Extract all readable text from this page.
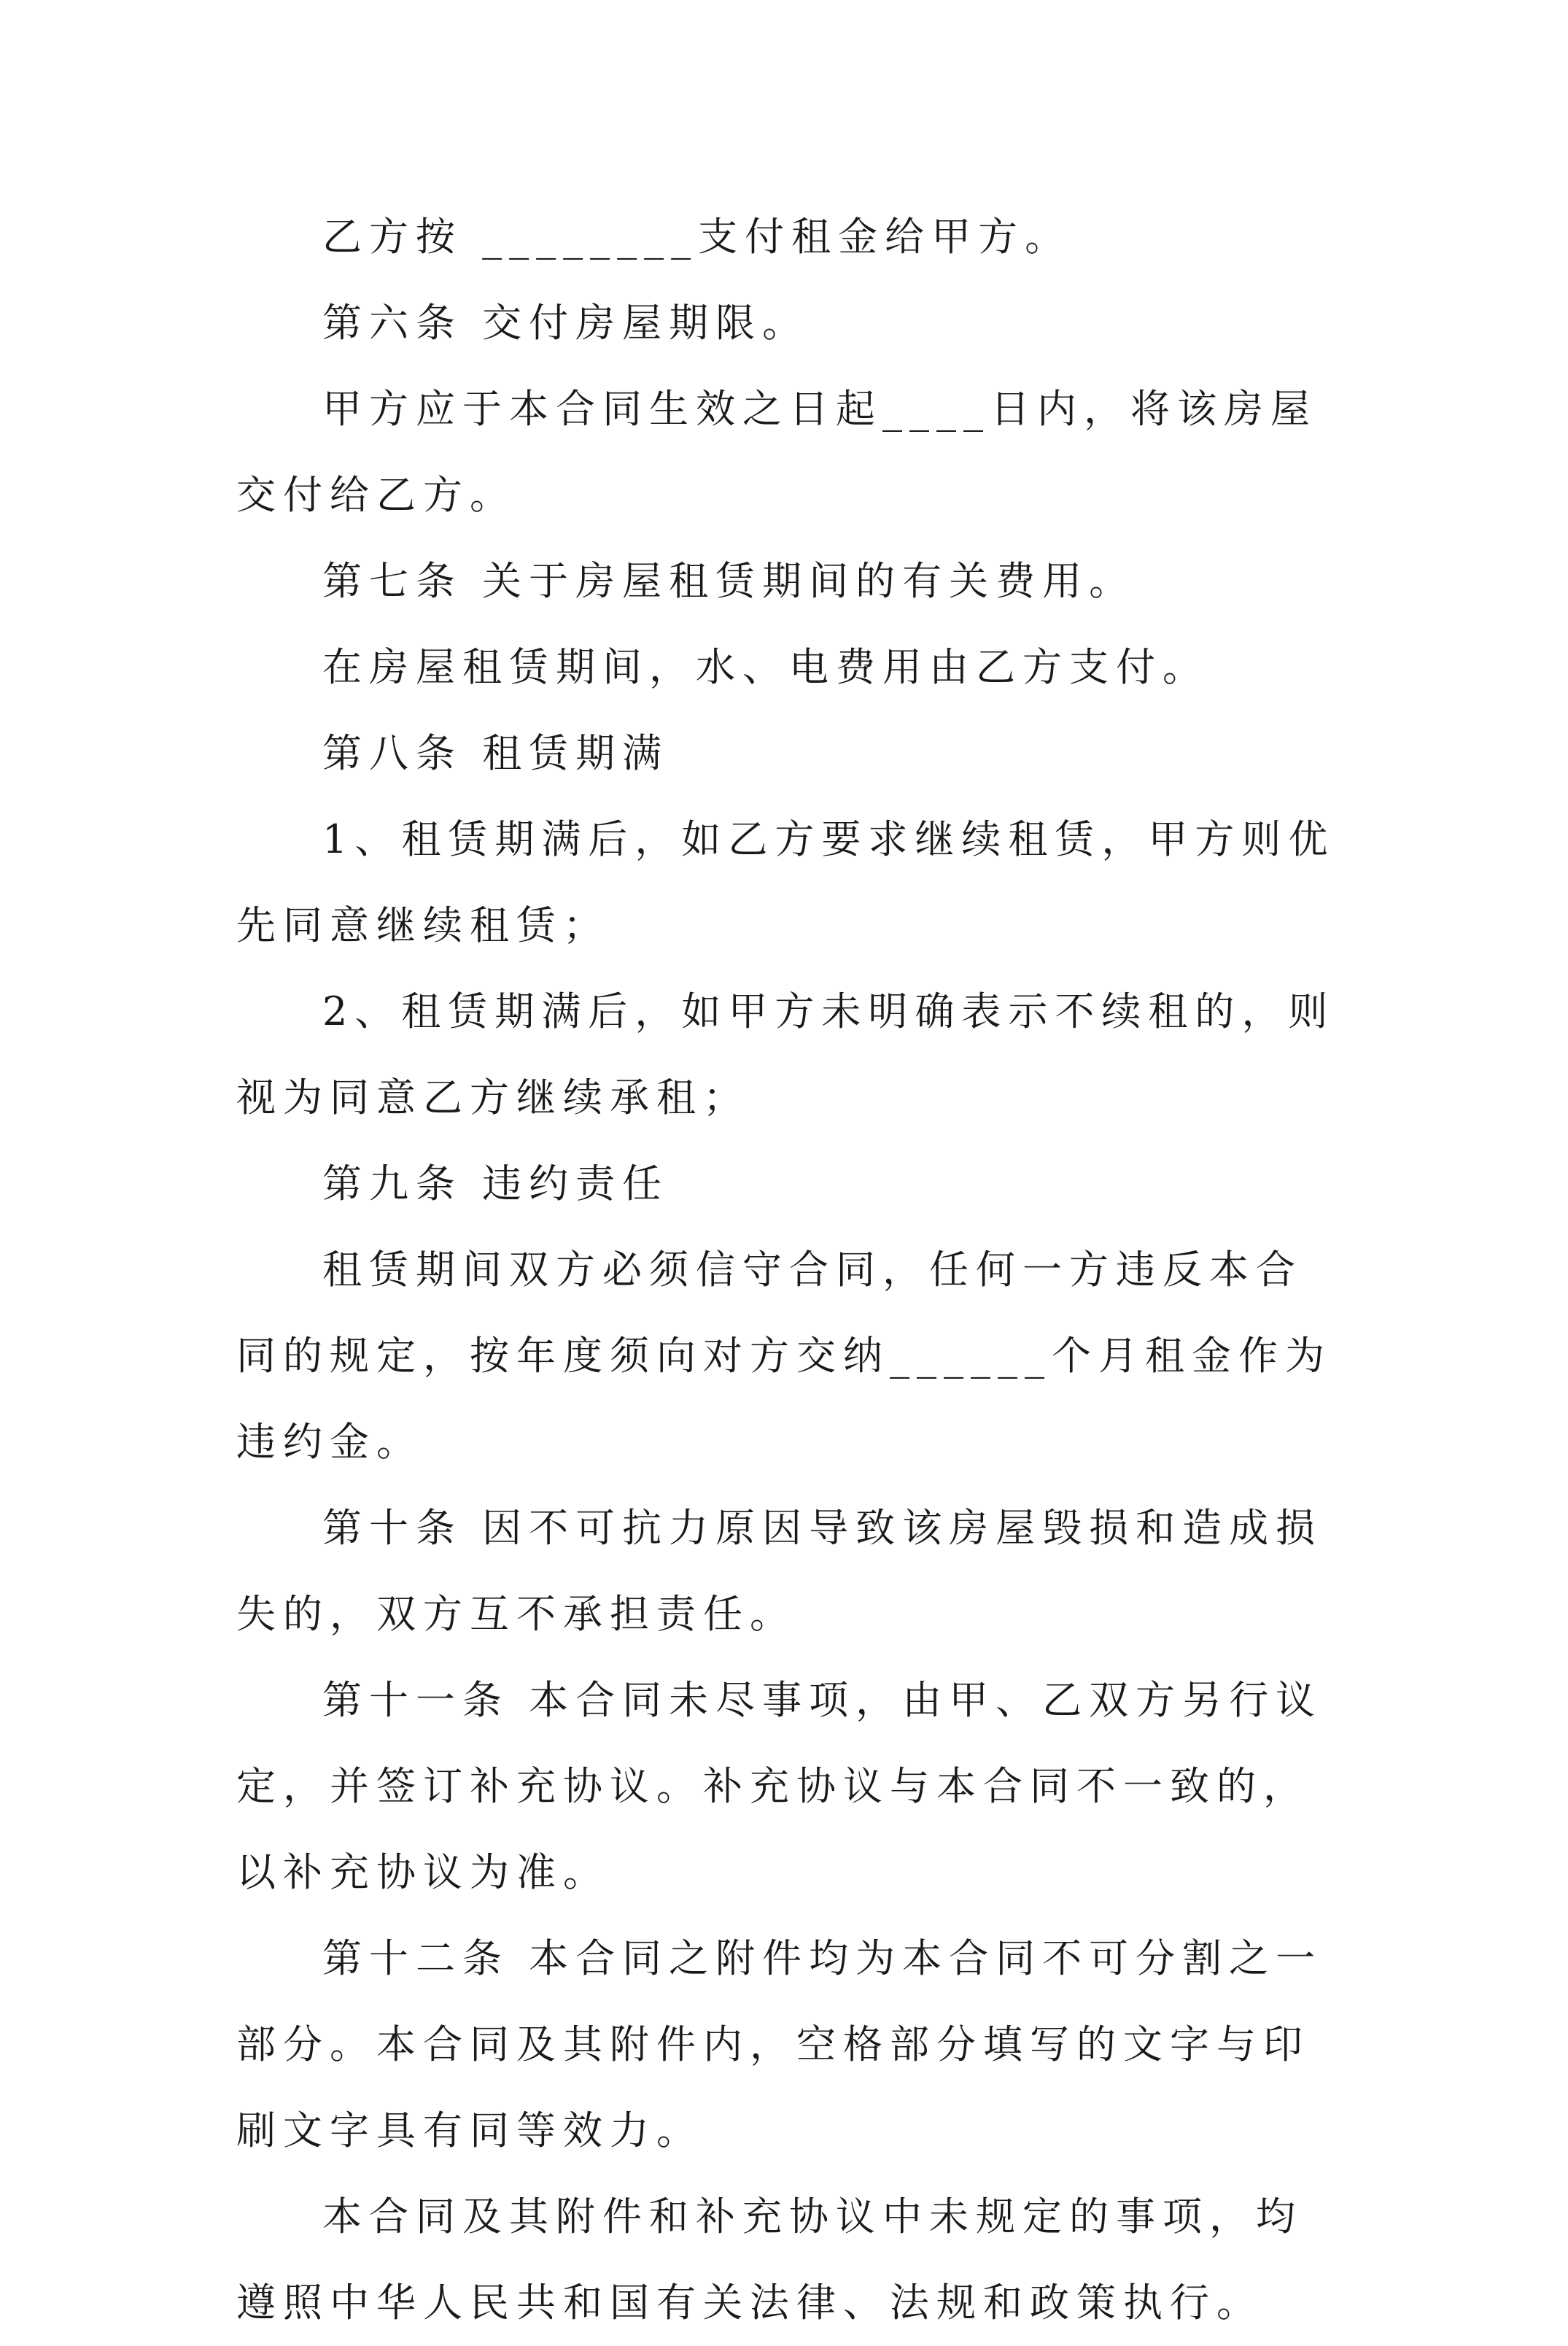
乙方按 ________支付租金给甲方。

第六条 交付房屋期限。

甲方应于本合同生效之日起____日内，将该房屋交付给乙方。

第七条 关于房屋租赁期间的有关费用。

在房屋租赁期间，水、电费用由乙方支付。

第八条 租赁期满

1、租赁期满后，如乙方要求继续租赁，甲方则优先同意继续租赁；

2、租赁期满后，如甲方未明确表示不续租的，则视为同意乙方继续承租；

第九条 违约责任

租赁期间双方必须信守合同，任何一方违反本合同的规定，按年度须向对方交纳______个月租金作为违约金。

第十条 因不可抗力原因导致该房屋毁损和造成损失的，双方互不承担责任。

第十一条 本合同未尽事项，由甲、乙双方另行议定，并签订补充协议。补充协议与本合同不一致的，以补充协议为准。

第十二条 本合同之附件均为本合同不可分割之一部分。本合同及其附件内，空格部分填写的文字与印刷文字具有同等效力。

本合同及其附件和补充协议中未规定的事项，均遵照中华人民共和国有关法律、法规和政策执行。
